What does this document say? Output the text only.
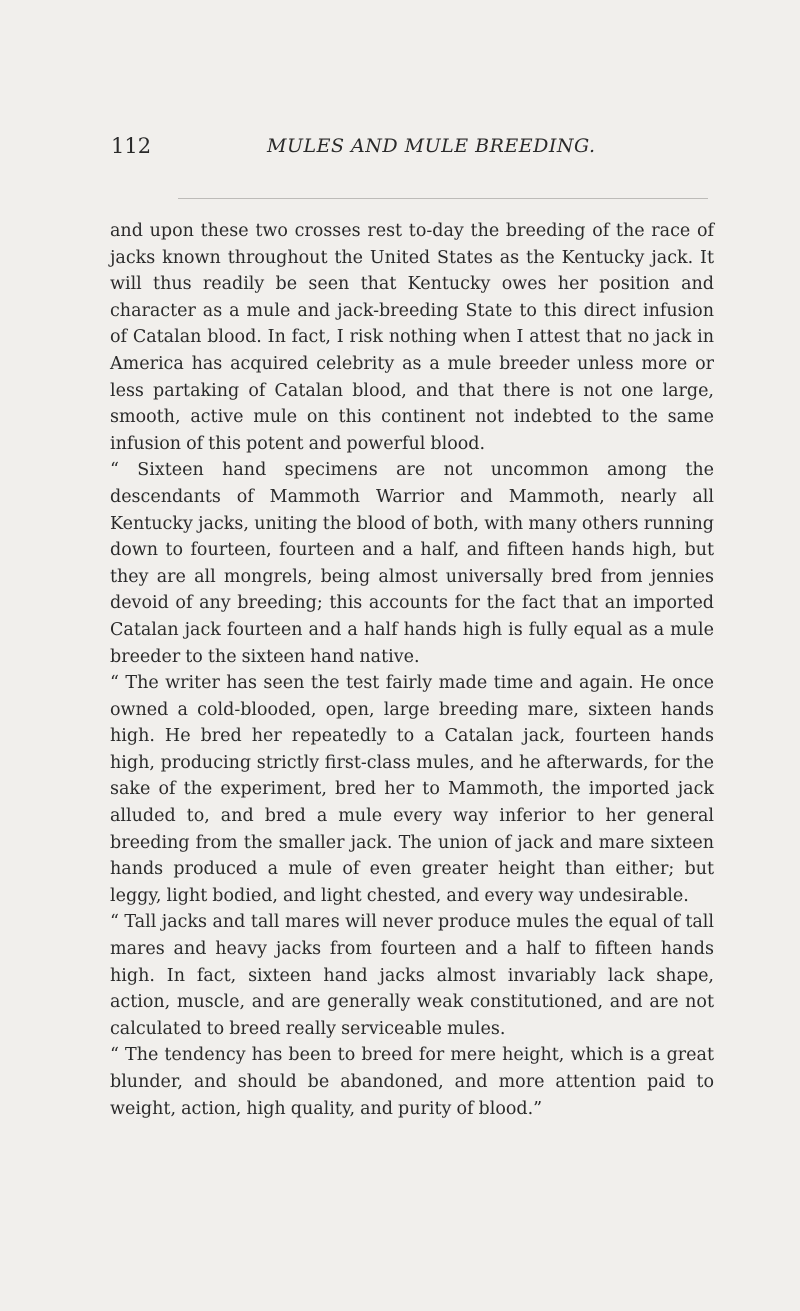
112	MULES AND MULE BREEDING.

and upon these two crosses rest to-day the breeding of the race of jacks known throughout the United States as the Kentucky jack. It will thus readily be seen that Kentucky owes her position and character as a mule and jack-breeding State to this direct infusion of Catalan blood. In fact, I risk nothing when I attest that no jack in America has acquired celebrity as a mule breeder unless more or less partaking of Catalan blood, and that there is not one large, smooth, active mule on this continent not indebted to the same infusion of this potent and powerful blood.

“ Sixteen hand specimens are not uncommon among the descendants of Mammoth Warrior and Mammoth, nearly all Kentucky jacks, uniting the blood of both, with many others running down to fourteen, fourteen and a half, and fifteen hands high, but they are all mongrels, being almost universally bred from jennies devoid of any breeding; this accounts for the fact that an imported Catalan jack fourteen and a half hands high is fully equal as a mule breeder to the sixteen hand native.

“ The writer has seen the test fairly made time and again. He once owned a cold-blooded, open, large breeding mare, sixteen hands high. He bred her repeatedly to a Catalan jack, fourteen hands high, producing strictly first-class mules, and he afterwards, for the sake of the experiment, bred her to Mammoth, the imported jack alluded to, and bred a mule every way inferior to her general breeding from the smaller jack. The union of jack and mare sixteen hands produced a mule of even greater height than either; but leggy, light bodied, and light chested, and every way undesirable.

“ Tall jacks and tall mares will never produce mules the equal of tall mares and heavy jacks from fourteen and a half to fifteen hands high. In fact, sixteen hand jacks almost invariably lack shape, action, muscle, and are generally weak constitutioned, and are not calculated to breed really serviceable mules.

“ The tendency has been to breed for mere height, which is a great blunder, and should be abandoned, and more attention paid to weight, action, high quality, and purity of blood.”
